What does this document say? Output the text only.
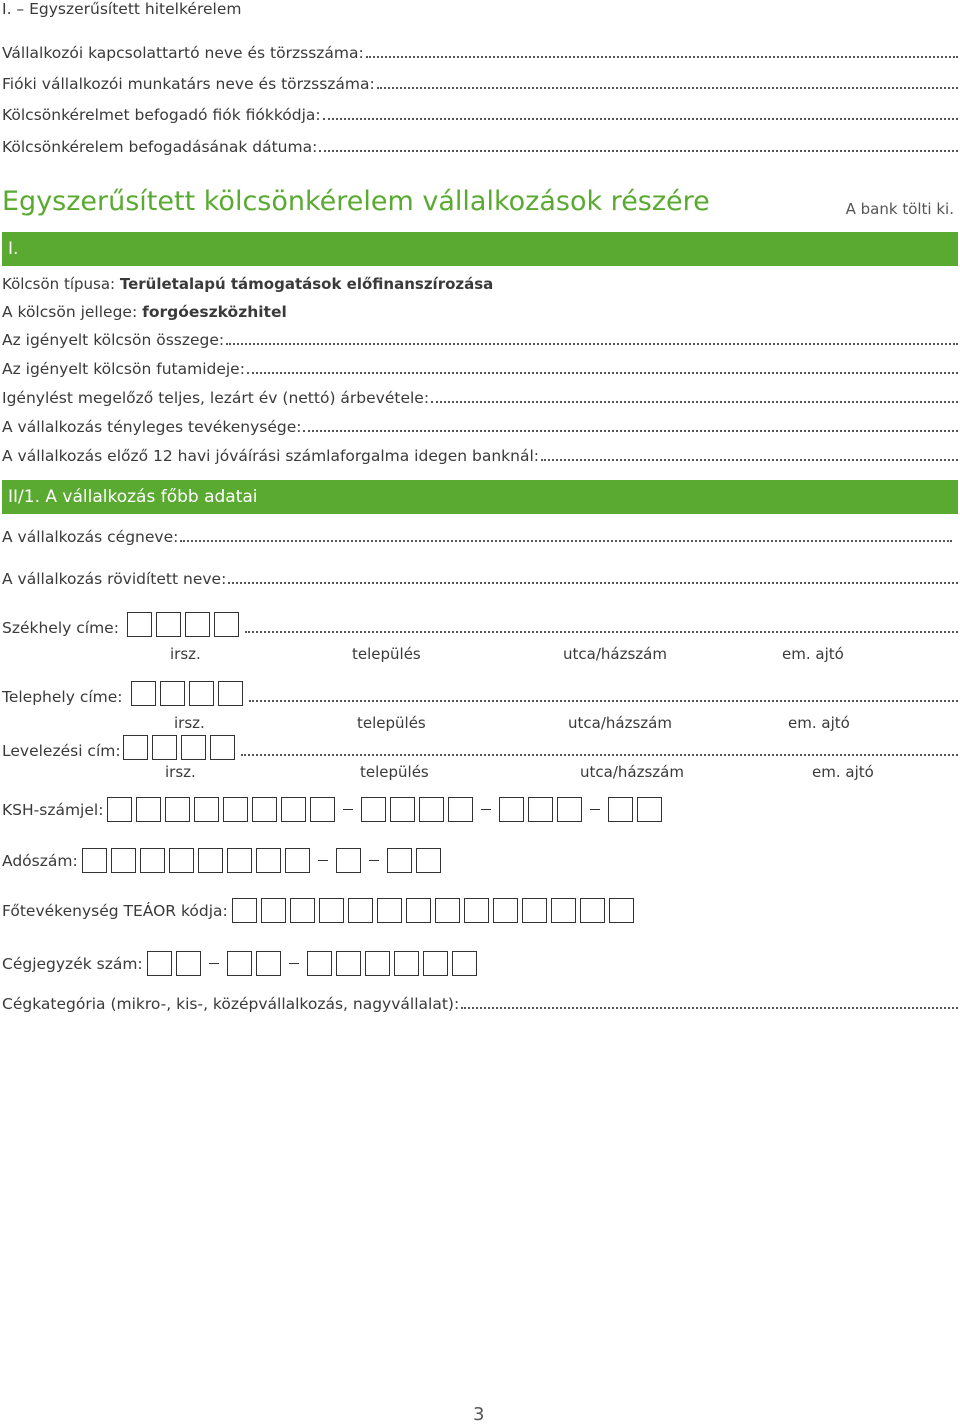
I. – Egyszerűsített hitelkérelem
Vállalkozói kapcsolattartó neve és törzsszáma:
Fióki vállalkozói munkatárs neve és törzsszáma:
Kölcsönkérelmet befogadó fiók fiókkódja:
Kölcsönkérelem befogadásának dátuma:
Egyszerűsített kölcsönkérelem vállalkozások részére	A bank tölti ki.
I.
Kölcsön típusa: Területalapú támogatások előfinanszírozása
A kölcsön jellege: forgóeszközhitel
Az igényelt kölcsön összege:
Az igényelt kölcsön futamideje:
Igénylést megelőző teljes, lezárt év (nettó) árbevétele:
A vállalkozás tényleges tevékenysége:
A vállalkozás előző 12 havi jóváírási számlaforgalma idegen banknál:
II/1. A vállalkozás főbb adatai
A vállalkozás cégneve:
A vállalkozás rövidített neve:
Székhely címe:
irsz.	település	utca/házszám	em. ajtó
Telephely címe:
irsz.	település	utca/házszám	em. ajtó
Levelezési cím:
irsz.	település	utca/házszám	em. ajtó
KSH-számjel:
Adószám:
Főtevékenység TEÁOR kódja:
Cégjegyzék szám:
Cégkategória (mikro-, kis-, középvállalkozás, nagyvállalat):
3
